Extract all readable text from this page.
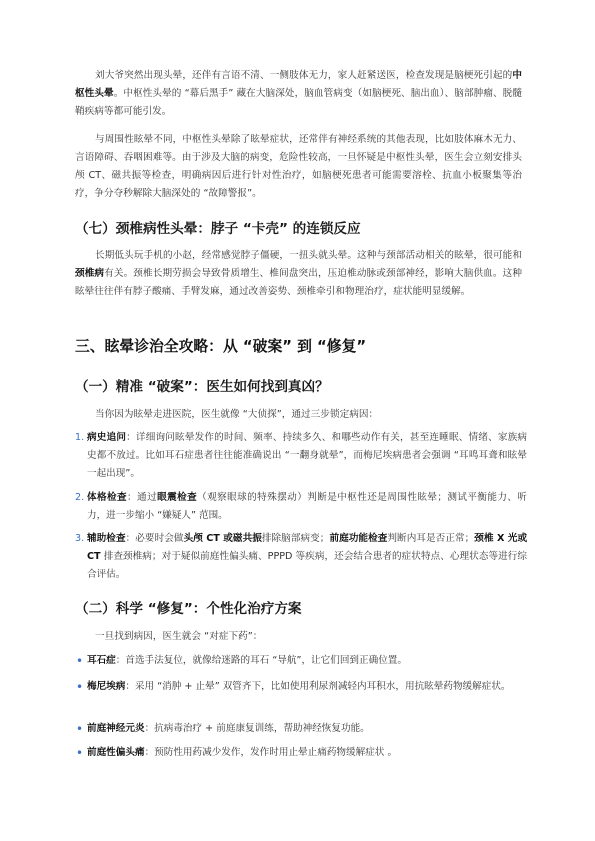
刘大爷突然出现头晕，还伴有言语不清、一侧肢体无力，家人赶紧送医，检查发现是脑梗死引起的中枢性头晕。中枢性头晕的 “幕后黑手” 藏在大脑深处，脑血管病变（如脑梗死、脑出血）、脑部肿瘤、脱髓鞘疾病等都可能引发。

与周围性眩晕不同，中枢性头晕除了眩晕症状，还常伴有神经系统的其他表现，比如肢体麻木无力、言语障碍、吞咽困难等。由于涉及大脑的病变，危险性较高，一旦怀疑是中枢性头晕，医生会立刻安排头颅 CT、磁共振等检查，明确病因后进行针对性治疗，如脑梗死患者可能需要溶栓、抗血小板聚集等治疗，争分夺秒解除大脑深处的 “故障警报”。

（七）颈椎病性头晕：脖子 “卡壳” 的连锁反应

长期低头玩手机的小赵，经常感觉脖子僵硬，一扭头就头晕。这种与颈部活动相关的眩晕，很可能和颈椎病有关。颈椎长期劳损会导致骨质增生、椎间盘突出，压迫椎动脉或颈部神经，影响大脑供血。这种眩晕往往伴有脖子酸痛、手臂发麻，通过改善姿势、颈椎牵引和物理治疗，症状能明显缓解。

三、眩晕诊治全攻略：从 “破案” 到 “修复”
（一）精准 “破案”：医生如何找到真凶？

当你因为眩晕走进医院，医生就像 “大侦探”，通过三步锁定病因：

1. 病史追问：详细询问眩晕发作的时间、频率、持续多久、和哪些动作有关，甚至连睡眠、情绪、家族病史都不放过。比如耳石症患者往往能准确说出 “一翻身就晕”，而梅尼埃病患者会强调 “耳鸣耳聋和眩晕一起出现”。
2. 体格检查：通过眼震检查（观察眼球的特殊摆动）判断是中枢性还是周围性眩晕；测试平衡能力、听力，进一步缩小 “嫌疑人” 范围。
3. 辅助检查：必要时会做头颅 CT 或磁共振排除脑部病变；前庭功能检查判断内耳是否正常；颈椎 X 光或 CT 排查颈椎病；对于疑似前庭性偏头痛、PPPD 等疾病，还会结合患者的症状特点、心理状态等进行综合评估。
（二）科学 “修复”：个性化治疗方案

一旦找到病因，医生就会 “对症下药”：

• 耳石症：首选手法复位，就像给迷路的耳石 “导航”，让它们回到正确位置。
• 梅尼埃病：采用 “消肿 + 止晕” 双管齐下，比如使用利尿剂减轻内耳积水，用抗眩晕药物缓解症状。
• 前庭神经元炎：抗病毒治疗 + 前庭康复训练，帮助神经恢复功能。
• 前庭性偏头痛：预防性用药减少发作，发作时用止晕止痛药物缓解症状 。
